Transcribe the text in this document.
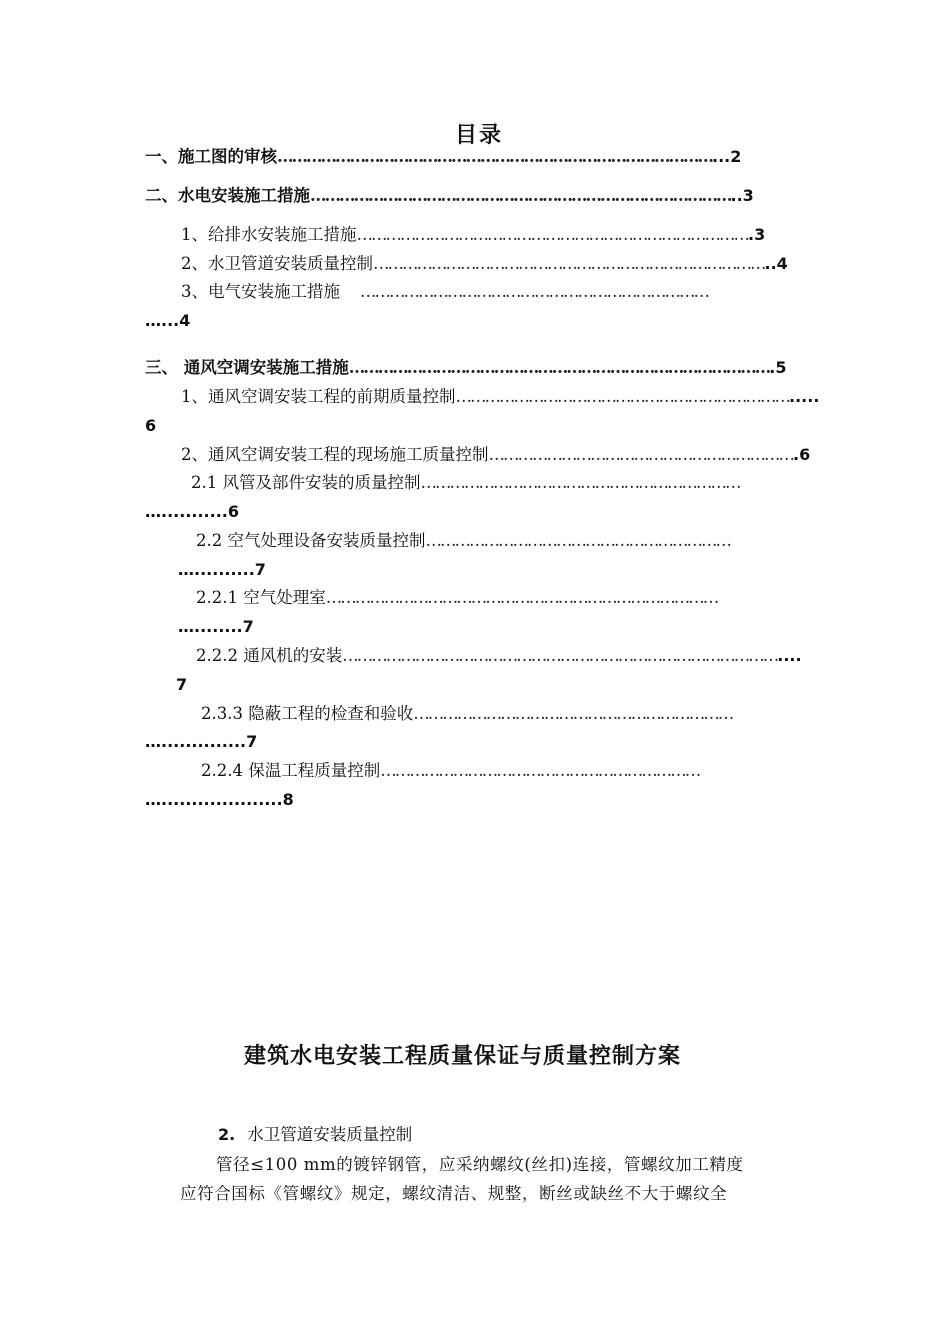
目录
一、施工图的审核………………………………………………………………………………...2
二、水电安装施工措施……………………………………………………………………………..3
1、给排水安装施工措施……………………………………………………………………….3
2、水卫管道安装质量控制………………………………………………………………………..4
3、电气安装施工措施 ………………………………………………………………
…...4
三、 通风空调安装施工措施…………………………………………………………………………….5
1、通风空调安装工程的前期质量控制…………………………………………………………….....
6
2、通风空调安装工程的现场施工质量控制……………………………………………………….6
2.1 风管及部件安装的质量控制…………………………………………………………
…...........6
2.2 空气处理设备安装质量控制………………………………………………………
…..........7
2.2.1 空气处理室………………………………………………………………………
…........7
2.2.2 通风机的安装………………………………………………………………………………....
7
2.3.3 隐蔽工程的检查和验收…………………………………………………………
…..............7
2.2.4 保温工程质量控制…………………………………………………………
…....................8
建筑水电安装工程质量保证与质量控制方案
2. 水卫管道安装质量控制
管径≤100 mm的镀锌钢管，应采纳螺纹(丝扣)连接，管螺纹加工精度
应符合国标《管螺纹》规定，螺纹清洁、规整，断丝或缺丝不大于螺纹全
